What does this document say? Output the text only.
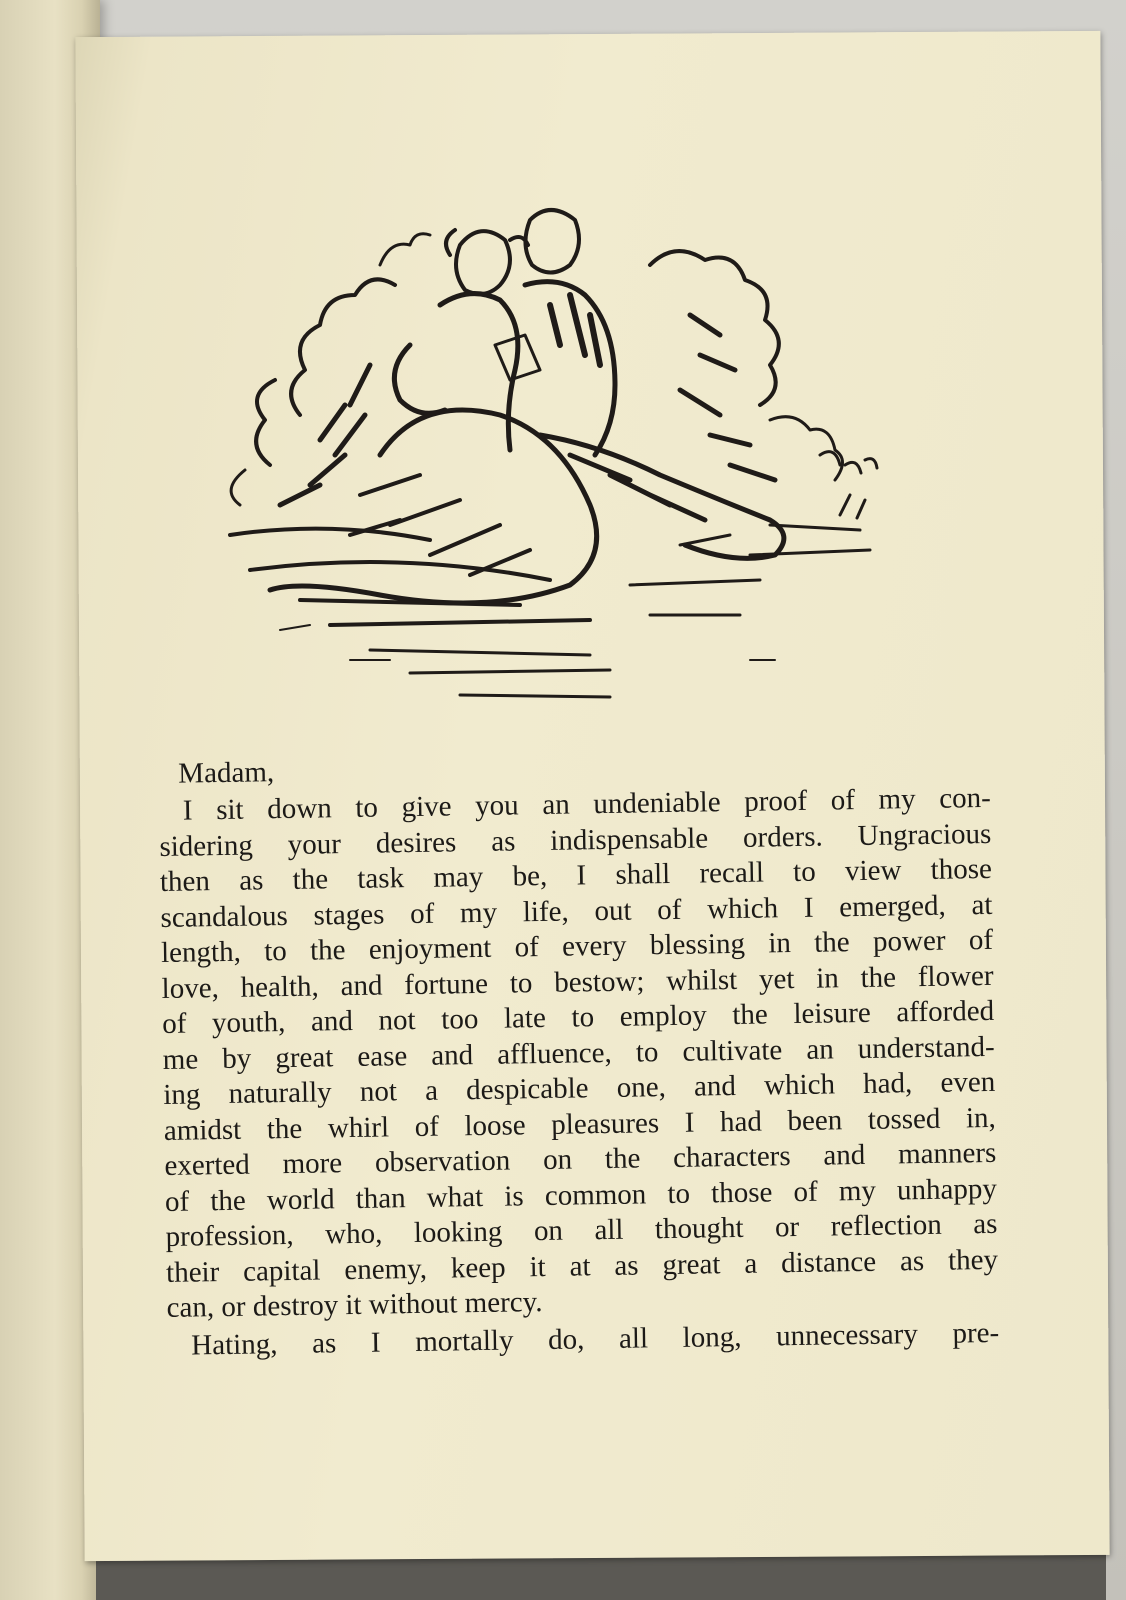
Madam,
I sit down to give you an undeniable proof of my con-
sidering your desires as indispensable orders. Ungracious
then as the task may be, I shall recall to view those
scandalous stages of my life, out of which I emerged, at
length, to the enjoyment of every blessing in the power of
love, health, and fortune to bestow; whilst yet in the flower
of youth, and not too late to employ the leisure afforded
me by great ease and affluence, to cultivate an understand-
ing naturally not a despicable one, and which had, even
amidst the whirl of loose pleasures I had been tossed in,
exerted more observation on the characters and manners
of the world than what is common to those of my unhappy
profession, who, looking on all thought or reflection as
their capital enemy, keep it at as great a distance as they
can, or destroy it without mercy.
Hating, as I mortally do, all long, unnecessary pre-
